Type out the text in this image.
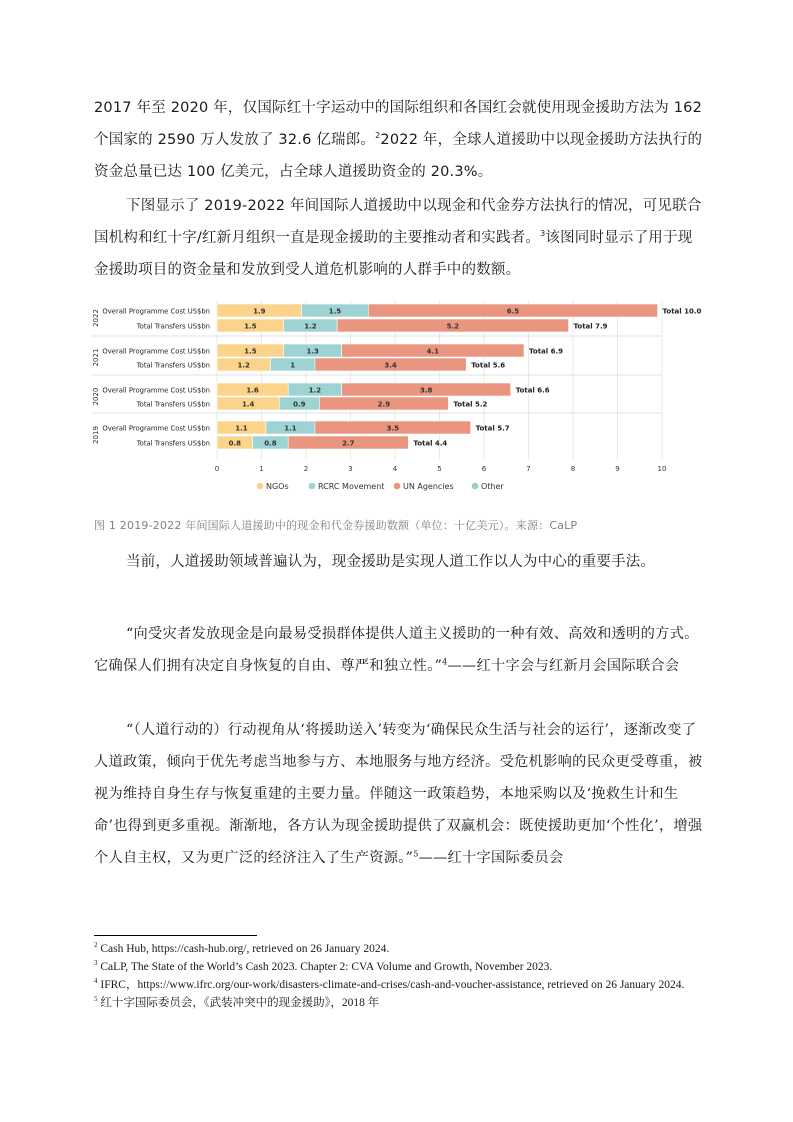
2017 年至 2020 年，仅国际红十字运动中的国际组织和各国红会就使用现金援助方法为 162 个国家的 2590 万人发放了 32.6 亿瑞郎。$^2$2022 年，全球人道援助中以现金援助方法执行的资金总量已达 100 亿美元，占全球人道援助资金的 20.3%。

下图显示了 2019-2022 年间国际人道援助中以现金和代金券方法执行的情况，可见联合国机构和红十字/红新月组织一直是现金援助的主要推动者和实践者。$^3$该图同时显示了用于现金援助项目的资金量和发放到受人道危机影响的人群手中的数额。

0	1	2	3	4	5	6	7	8	9	10
2022 Overall Programme Cost US$bn	1.9	1.5	6.5	Total 10.0
Total Transfers US$bn	1.5	1.2	5.2	Total 7.9
2021 Overall Programme Cost US$bn	1.5	1.3	4.1	Total 6.9
Total Transfers US$bn	1.2	1	3.4	Total 5.6
2020 Overall Programme Cost US$bn	1.6	1.2	3.8	Total 6.6
Total Transfers US$bn	1.4	0.9	2.9	Total 5.2
2019 Overall Programme Cost US$bn	1.1	1.1	3.5	Total 5.7
Total Transfers US$bn	0.8	0.8	2.7	Total 4.4
NGOs	RCRC Movement UN Agencies	Other

图 1 2019-2022 年间国际人道援助中的现金和代金券援助数额（单位：十亿美元）。来源：CaLP

当前，人道援助领域普遍认为，现金援助是实现人道工作以人为中心的重要手法。

“向受灾者发放现金是向最易受损群体提供人道主义援助的一种有效、高效和透明的方式。它确保人们拥有决定自身恢复的自由、尊严和独立性。”$^4$——红十字会与红新月会国际联合会

“（人道行动的）行动视角从‘将援助送入’转变为‘确保民众生活与社会的运行’，逐渐改变了人道政策，倾向于优先考虑当地参与方、本地服务与地方经济。受危机影响的民众更受尊重，被视为维持自身生存与恢复重建的主要力量。伴随这一政策趋势，本地采购以及‘挽救生计和生命’也得到更多重视。渐渐地，各方认为现金援助提供了双赢机会：既使援助更加‘个性化’，增强个人自主权，又为更广泛的经济注入了生产资源。”$^5$——红十字国际委员会

$^2$ Cash Hub, https://cash-hub.org/, retrieved on 26 January 2024.

$^3$ CaLP, The State of the World’s Cash 2023. Chapter 2: CVA Volume and Growth, November 2023.

$^4$ IFRC，https://www.ifrc.org/our-work/disasters-climate-and-crises/cash-and-voucher-assistance, retrieved on 26 January 2024.

$^5$ 红十字国际委员会，《武装冲突中的现金援助》，2018 年
